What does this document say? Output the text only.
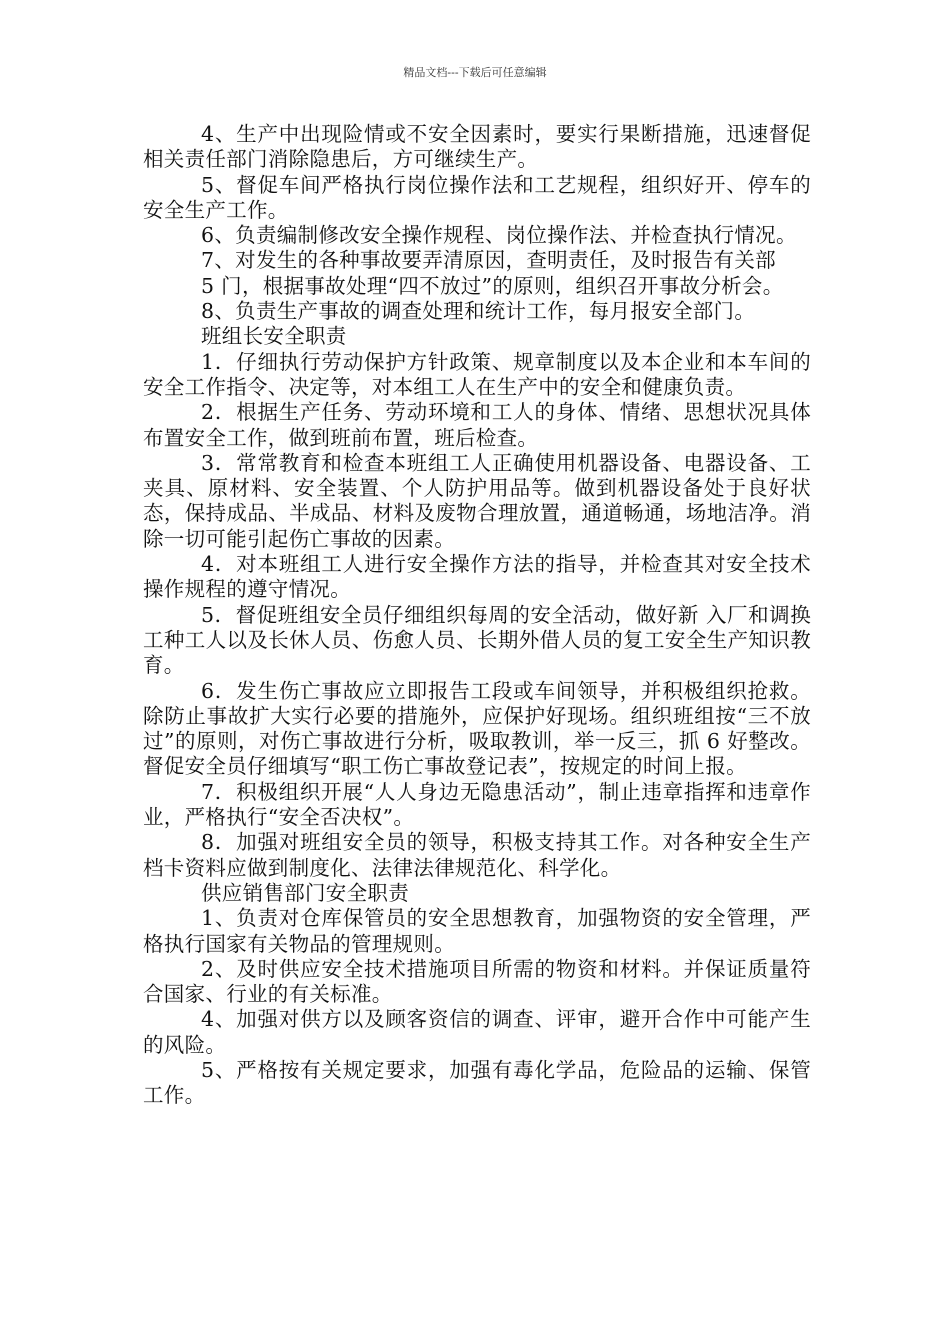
精品文档---下载后可任意编辑

4、生产中出现险情或不安全因素时，要实行果断措施，迅速督促相关责任部门消除隐患后，方可继续生产。

5、督促车间严格执行岗位操作法和工艺规程，组织好开、停车的安全生产工作。

6、负责编制修改安全操作规程、岗位操作法、并检查执行情况。

7、对发生的各种事故要弄清原因，查明责任，及时报告有关部

5 门，根据事故处理“四不放过”的原则，组织召开事故分析会。

8、负责生产事故的调查处理和统计工作，每月报安全部门。

班组长安全职责

1．仔细执行劳动保护方针政策、规章制度以及本企业和本车间的安全工作指令、决定等，对本组工人在生产中的安全和健康负责。

2．根据生产任务、劳动环境和工人的身体、情绪、思想状况具体布置安全工作，做到班前布置，班后检查。

3．常常教育和检查本班组工人正确使用机器设备、电器设备、工夹具、原材料、安全装置、个人防护用品等。做到机器设备处于良好状态，保持成品、半成品、材料及废物合理放置，通道畅通，场地洁净。消除一切可能引起伤亡事故的因素。

4．对本班组工人进行安全操作方法的指导，并检查其对安全技术操作规程的遵守情况。

5．督促班组安全员仔细组织每周的安全活动，做好新 入厂和调换工种工人以及长休人员、伤愈人员、长期外借人员的复工安全生产知识教育。

6．发生伤亡事故应立即报告工段或车间领导，并积极组织抢救。除防止事故扩大实行必要的措施外，应保护好现场。组织班组按“三不放过”的原则，对伤亡事故进行分析，吸取教训，举一反三，抓 6 好整改。督促安全员仔细填写“职工伤亡事故登记表”，按规定的时间上报。

7．积极组织开展“人人身边无隐患活动”，制止违章指挥和违章作业，严格执行“安全否决权”。

8．加强对班组安全员的领导，积极支持其工作。对各种安全生产档卡资料应做到制度化、法律法律规范化、科学化。

供应销售部门安全职责

1、负责对仓库保管员的安全思想教育，加强物资的安全管理，严格执行国家有关物品的管理规则。

2、及时供应安全技术措施项目所需的物资和材料。并保证质量符合国家、行业的有关标准。

4、加强对供方以及顾客资信的调查、评审，避开合作中可能产生的风险。

5、严格按有关规定要求，加强有毒化学品，危险品的运输、保管工作。
